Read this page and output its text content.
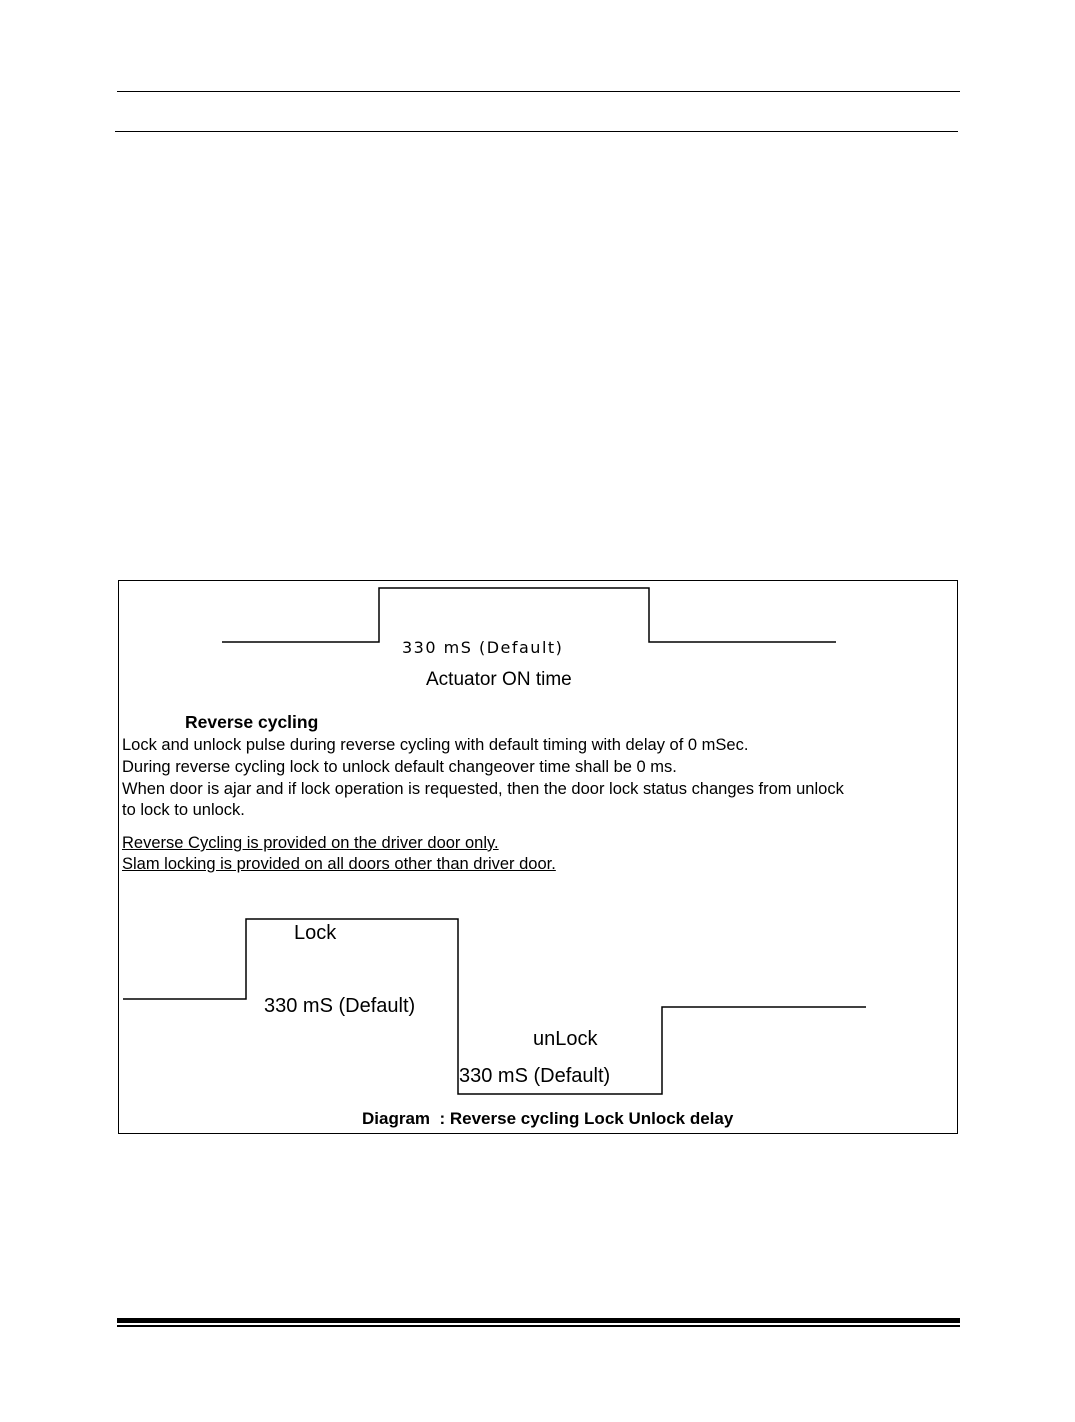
330 mS (Default)
Actuator ON time
Reverse cycling
Lock and unlock pulse during reverse cycling with default timing with delay of 0 mSec.
During reverse cycling lock to unlock default changeover time shall be 0 ms.
When door is ajar and if lock operation is requested, then the door lock status changes from unlock
to lock to unlock.
Reverse Cycling is provided on the driver door only.
Slam locking is provided on all doors other than driver door.
Lock
330 mS (Default)
unLock
330 mS (Default)
Diagram  : Reverse cycling Lock Unlock delay
